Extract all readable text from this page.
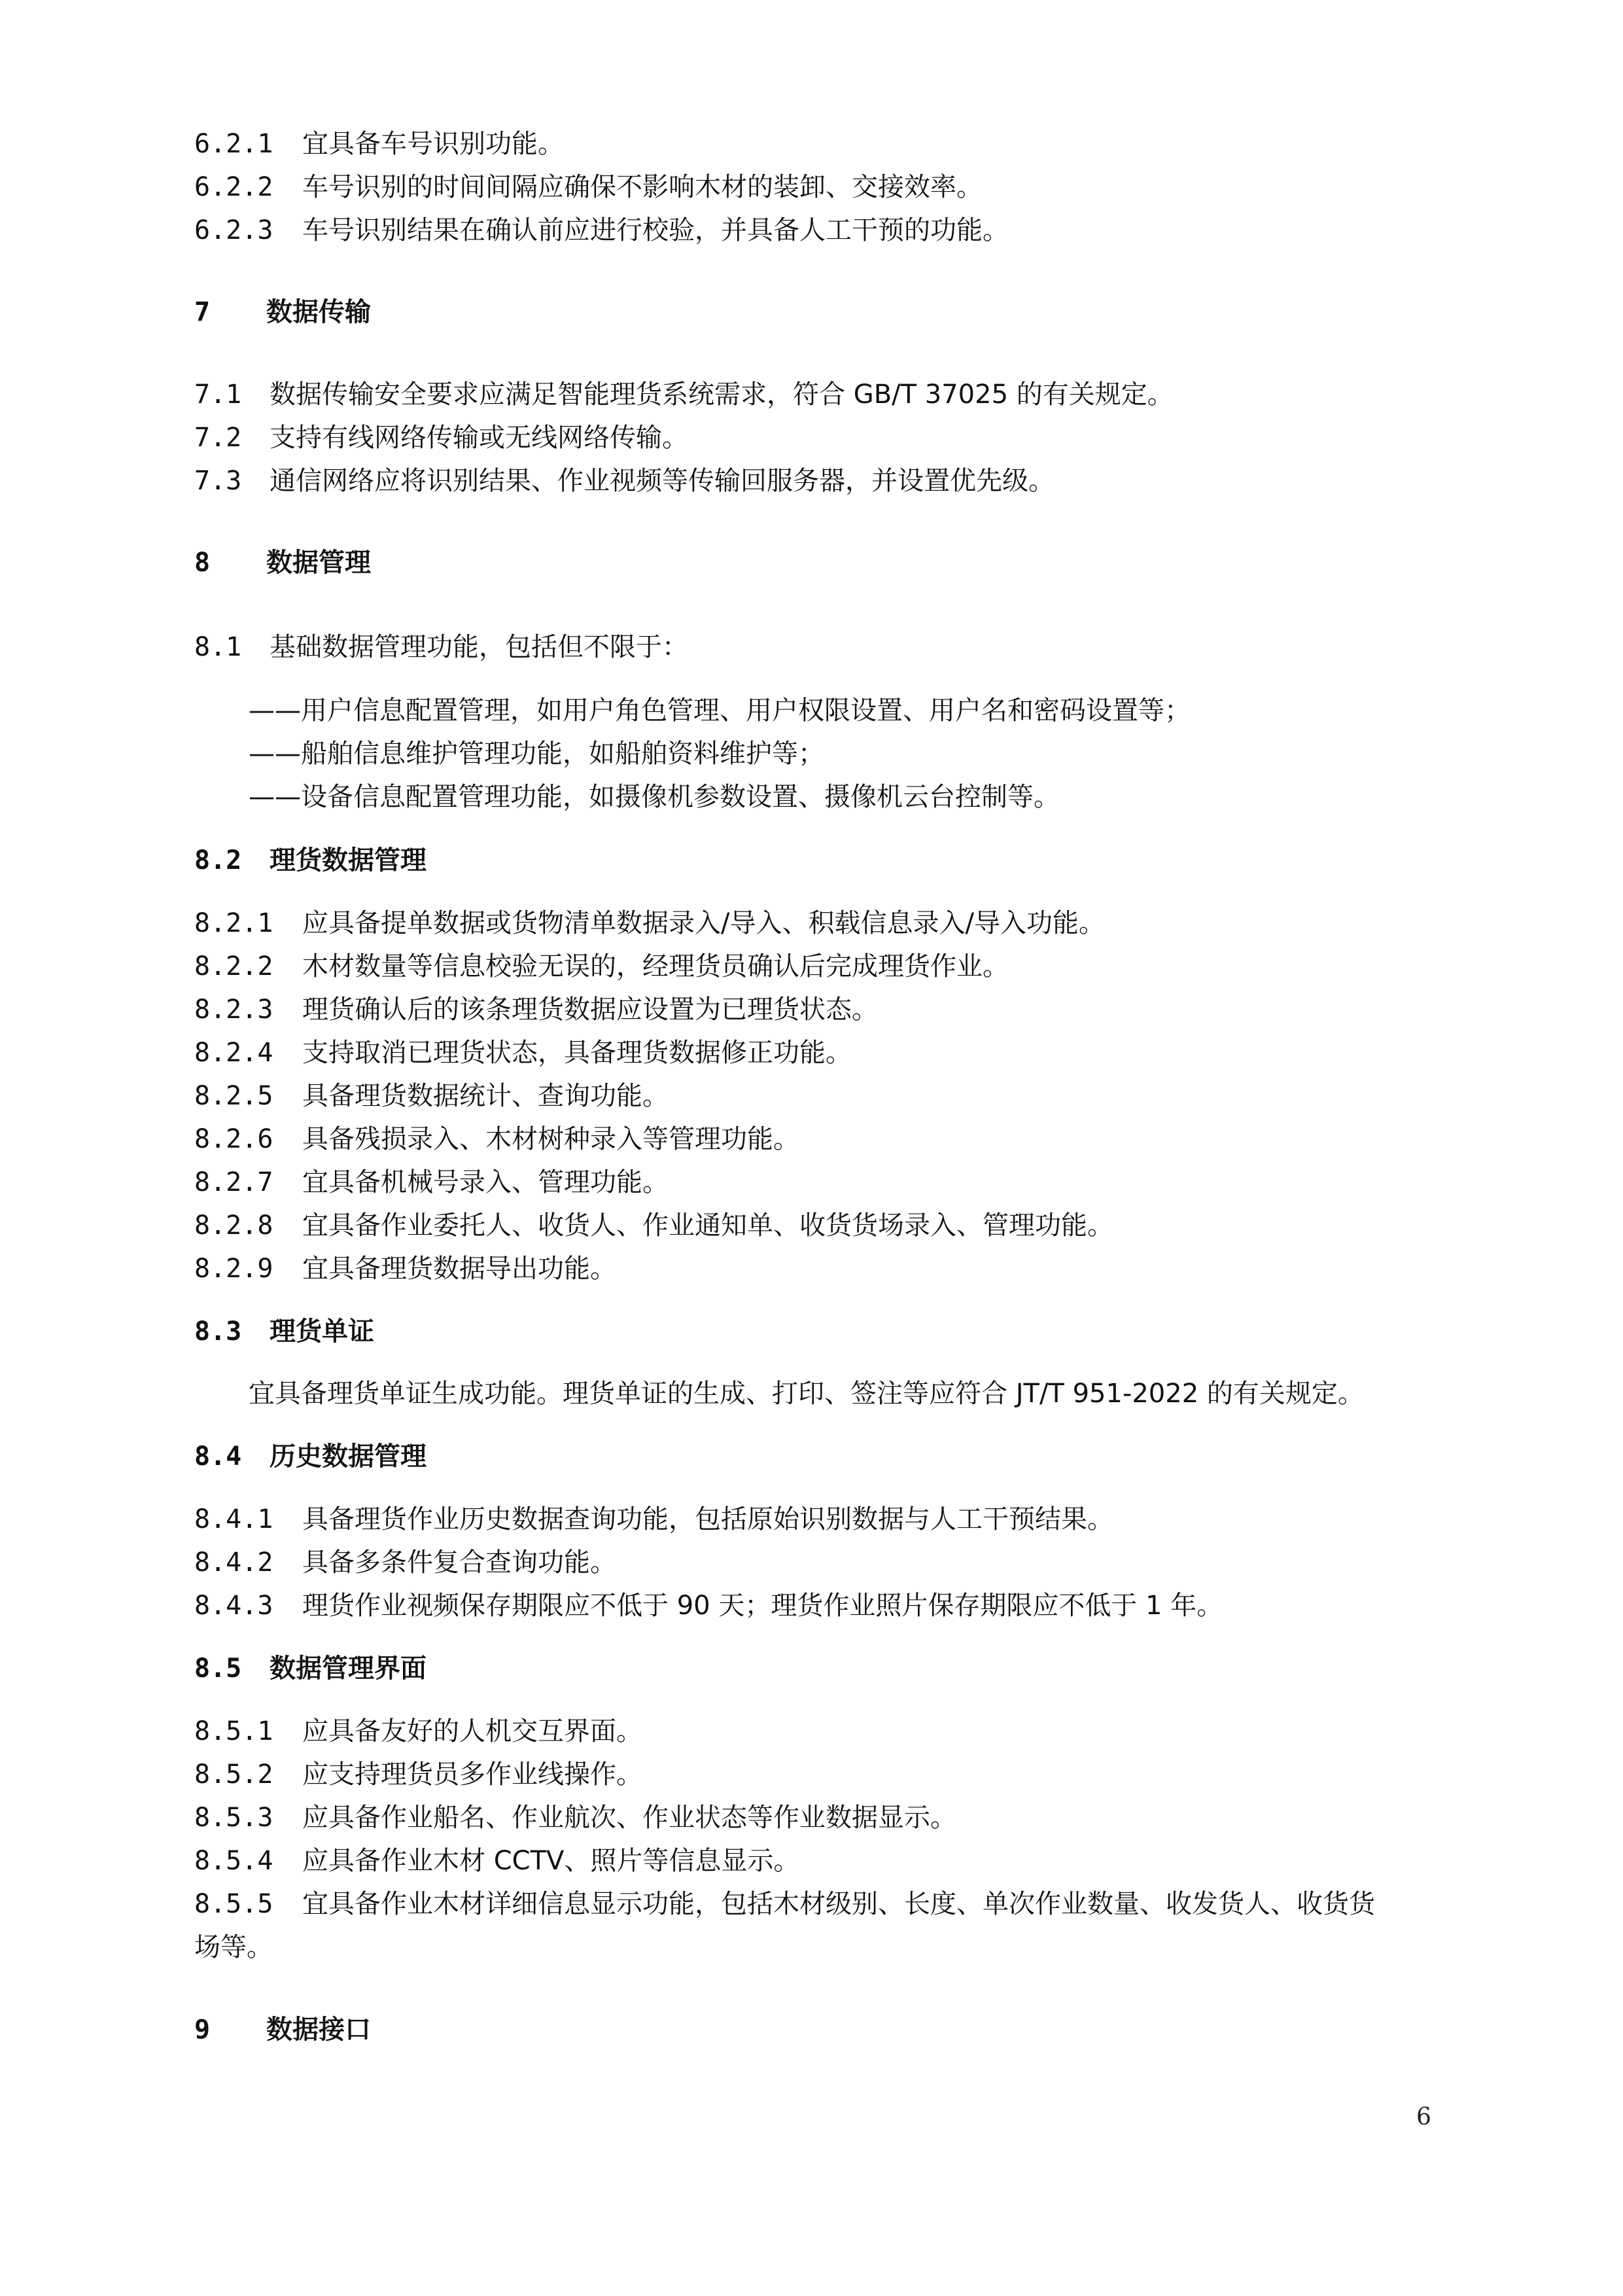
6.2.1 宜具备车号识别功能。
6.2.2 车号识别的时间间隔应确保不影响木材的装卸、交接效率。
6.2.3 车号识别结果在确认前应进行校验，并具备人工干预的功能。
7 数据传输
7.1 数据传输安全要求应满足智能理货系统需求，符合 GB/T 37025 的有关规定。
7.2 支持有线网络传输或无线网络传输。
7.3 通信网络应将识别结果、作业视频等传输回服务器，并设置优先级。
8 数据管理
8.1 基础数据管理功能，包括但不限于：
——用户信息配置管理，如用户角色管理、用户权限设置、用户名和密码设置等；
——船舶信息维护管理功能，如船舶资料维护等；
——设备信息配置管理功能，如摄像机参数设置、摄像机云台控制等。
8.2 理货数据管理
8.2.1 应具备提单数据或货物清单数据录入/导入、积载信息录入/导入功能。
8.2.2 木材数量等信息校验无误的，经理货员确认后完成理货作业。
8.2.3 理货确认后的该条理货数据应设置为已理货状态。
8.2.4 支持取消已理货状态，具备理货数据修正功能。
8.2.5 具备理货数据统计、查询功能。
8.2.6 具备残损录入、木材树种录入等管理功能。
8.2.7 宜具备机械号录入、管理功能。
8.2.8 宜具备作业委托人、收货人、作业通知单、收货货场录入、管理功能。
8.2.9 宜具备理货数据导出功能。
8.3 理货单证
宜具备理货单证生成功能。理货单证的生成、打印、签注等应符合 JT/T 951-2022 的有关规定。
8.4 历史数据管理
8.4.1 具备理货作业历史数据查询功能，包括原始识别数据与人工干预结果。
8.4.2 具备多条件复合查询功能。
8.4.3 理货作业视频保存期限应不低于 90 天；理货作业照片保存期限应不低于 1 年。
8.5 数据管理界面
8.5.1 应具备友好的人机交互界面。
8.5.2 应支持理货员多作业线操作。
8.5.3 应具备作业船名、作业航次、作业状态等作业数据显示。
8.5.4 应具备作业木材 CCTV、照片等信息显示。
8.5.5 宜具备作业木材详细信息显示功能，包括木材级别、长度、单次作业数量、收发货人、收货货
场等。
9 数据接口
6
